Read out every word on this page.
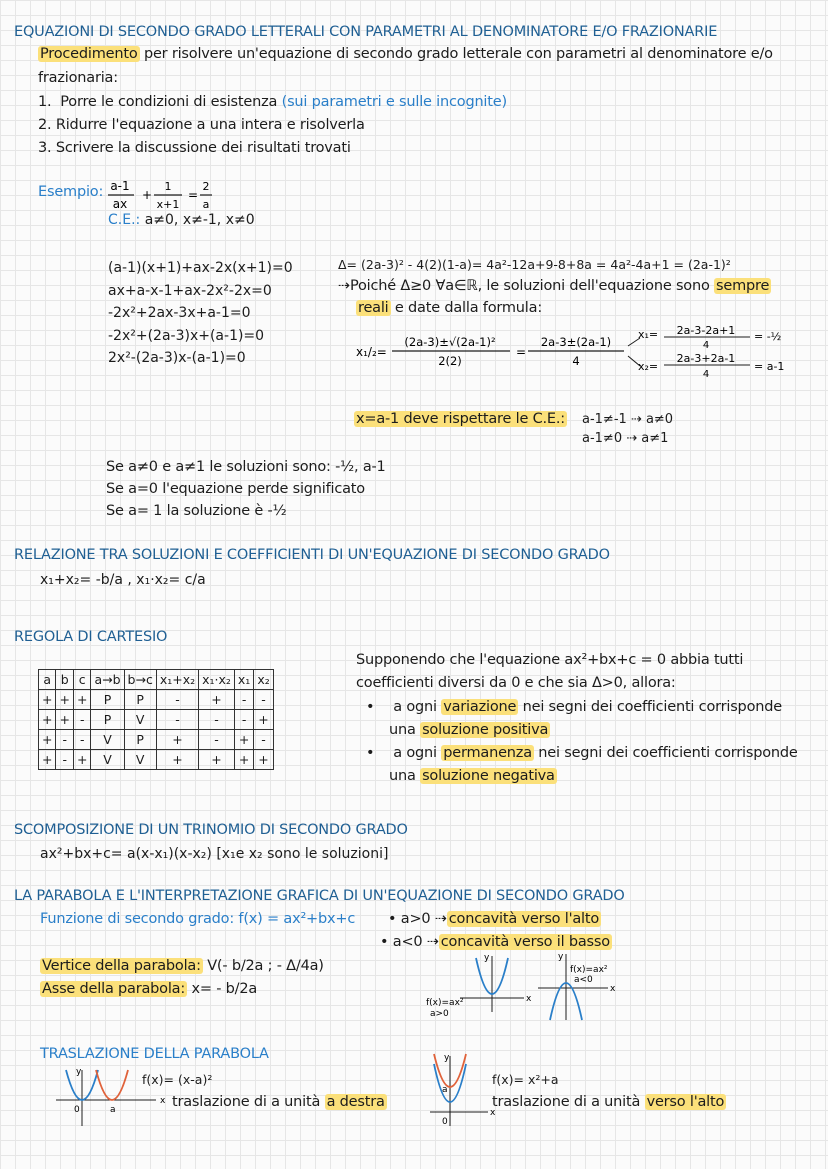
EQUAZIONI DI SECONDO GRADO LETTERALI CON PARAMETRI AL DENOMINATORE E/O FRAZIONARIE
Procedimento per risolvere un'equazione di secondo grado letterale con parametri al denominatore e/o
frazionaria:
1. Porre le condizioni di esistenza (sui parametri e sulle incognite)
2. Ridurre l'equazione a una intera e risolverla
3. Scrivere la discussione dei risultati trovati
Esempio: a-1
ax
+
1
x+1
=
2
a
C.E.: a≠0, x≠-1, x≠0
(a-1)(x+1)+ax-2x(x+1)=0
ax+a-x-1+ax-2x²-2x=0
-2x²+2ax-3x+a-1=0
-2x²+(2a-3)x+(a-1)=0
2x²-(2a-3)x-(a-1)=0
Δ= (2a-3)² - 4(2)(1-a)= 4a²-12a+9-8+8a = 4a²-4a+1 = (2a-1)²
⇢Poiché Δ≥0 ∀a∈ℝ, le soluzioni dell'equazione sono sempre
reali e date dalla formula:
x₁/₂=
(2a-3)±√(2a-1)²
2(2)
=
2a-3±(2a-1)
4
x₁= 2a-3-2a+1
4
= -½
x₂=
2a-3+2a-1
4
= a-1
x=a-1 deve rispettare le C.E.: a-1≠-1 ⇢ a≠0
a-1≠0 ⇢ a≠1
Se a≠0 e a≠1 le soluzioni sono: -½, a-1
Se a=0 l'equazione perde significato
Se a= 1 la soluzione è -½
RELAZIONE TRA SOLUZIONI E COEFFICIENTI DI UN'EQUAZIONE DI SECONDO GRADO
x₁+x₂= -b/a , x₁·x₂= c/a
REGOLA DI CARTESIO
a	b	c	a→b	b→c	x₁+x₂	x₁·x₂	x₁	x₂
+	+	+	P	P	-	+	-	-
+	+	-	P	V	-	-	-	+
+	-	-	V	P	+	-	+	-
+	-	+	V	V	+	+	+	+
Supponendo che l'equazione ax²+bx+c = 0 abbia tutti
coefficienti diversi da 0 e che sia Δ>0, allora:
• a ogni variazione nei segni dei coefficienti corrisponde
una soluzione positiva
• a ogni permanenza nei segni dei coefficienti corrisponde
una soluzione negativa
SCOMPOSIZIONE DI UN TRINOMIO DI SECONDO GRADO
ax²+bx+c= a(x-x₁)(x-x₂) [x₁e x₂ sono le soluzioni]
LA PARABOLA E L'INTERPRETAZIONE GRAFICA DI UN'EQUAZIONE DI SECONDO GRADO
Funzione di secondo grado: f(x) = ax²+bx+c • a>0 ⇢ concavità verso l'alto
• a<0 ⇢ concavità verso il basso
Vertice della parabola: V(- b/2a ; - Δ/4a)
Asse della parabola: x= - b/2a
x
y
f(x)=ax²
a>0
x
y
f(x)=ax²
a<0
TRASLAZIONE DELLA PARABOLA
x
y
0	a
f(x)= (x-a)²
traslazione di a unità a destra
x
y
0
a
f(x)= x²+a
traslazione di a unità verso l'alto
